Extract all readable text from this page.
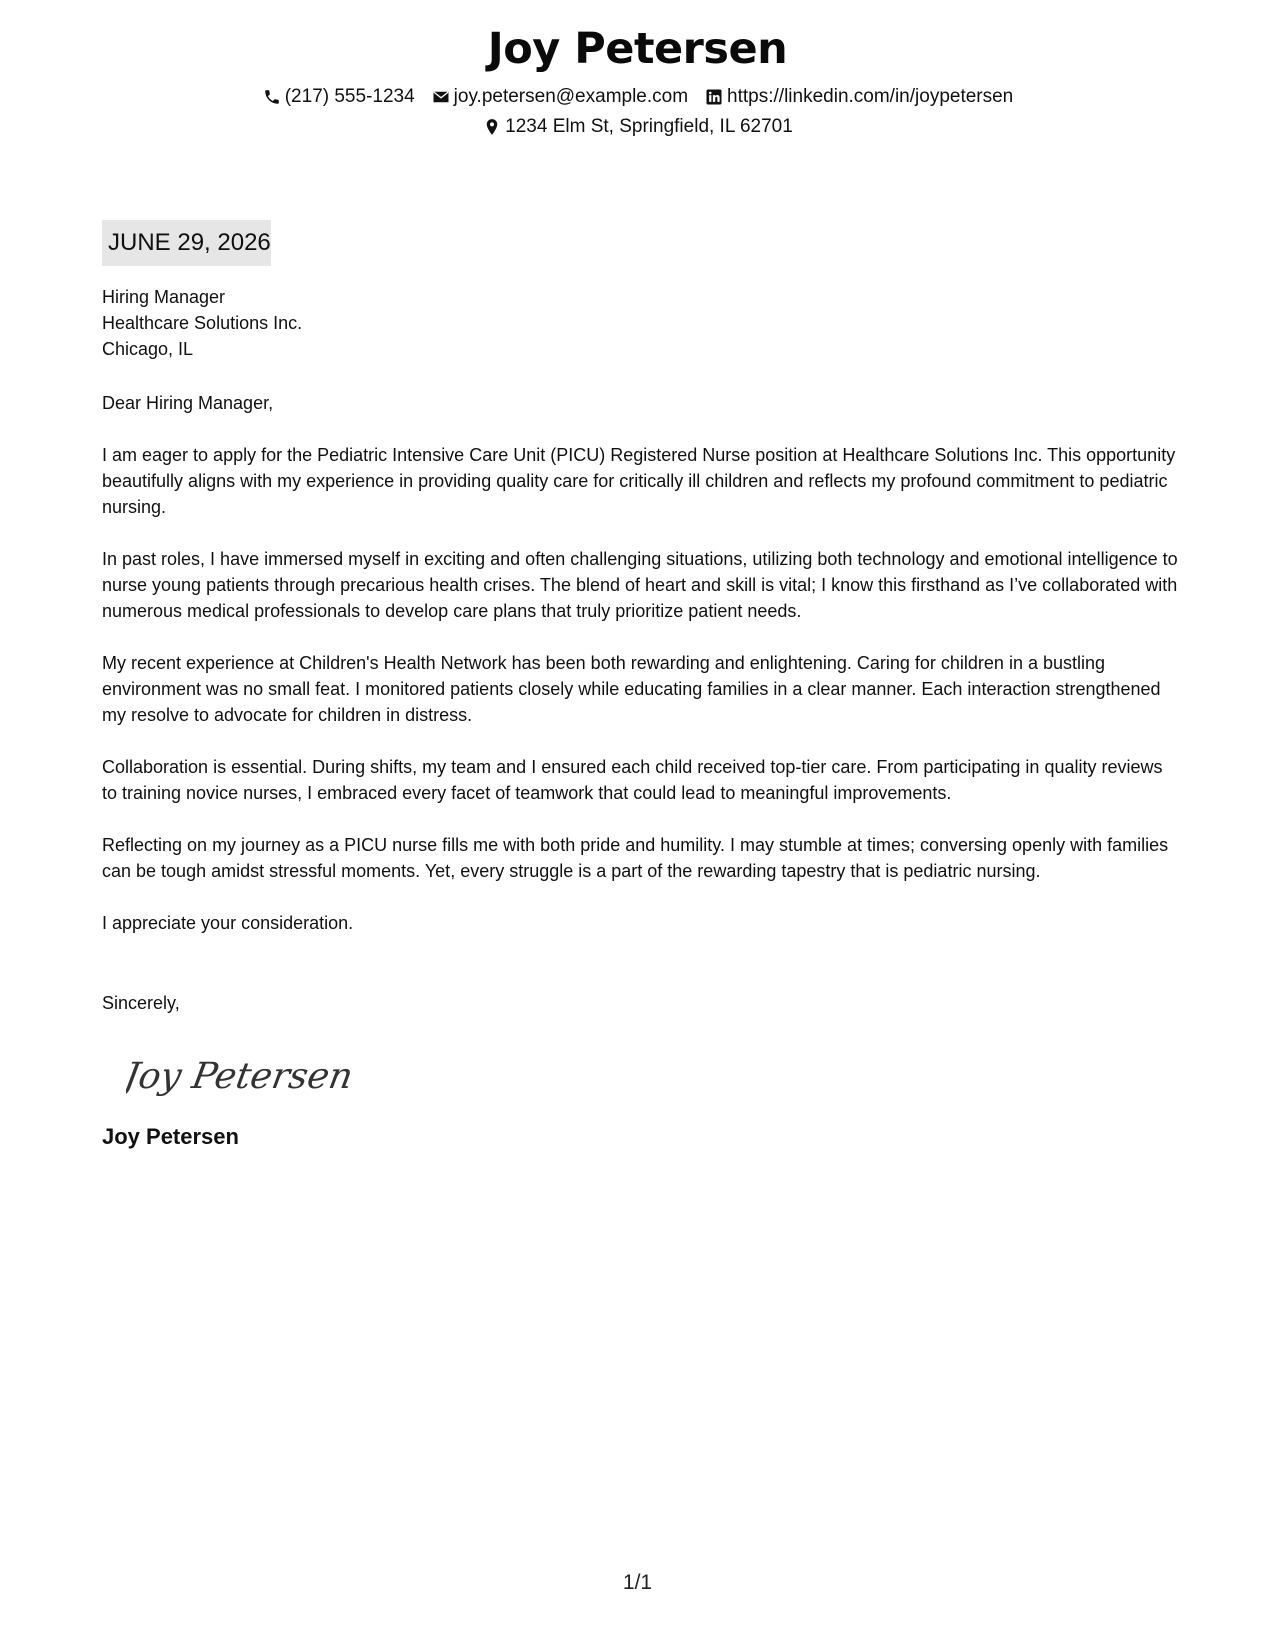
Joy Petersen
(217) 555-1234 joy.petersen@example.com https://linkedin.com/in/joypetersen
1234 Elm St, Springfield, IL 62701
JUNE 29, 2026
Hiring Manager
Healthcare Solutions Inc.
Chicago, IL
Dear Hiring Manager,
I am eager to apply for the Pediatric Intensive Care Unit (PICU) Registered Nurse position at Healthcare Solutions Inc. This opportunity beautifully aligns with my experience in providing quality care for critically ill children and reflects my profound commitment to pediatric nursing.
In past roles, I have immersed myself in exciting and often challenging situations, utilizing both technology and emotional intelligence to nurse young patients through precarious health crises. The blend of heart and skill is vital; I know this firsthand as I’ve collaborated with numerous medical professionals to develop care plans that truly prioritize patient needs.
My recent experience at Children's Health Network has been both rewarding and enlightening. Caring for children in a bustling environment was no small feat. I monitored patients closely while educating families in a clear manner. Each interaction strengthened my resolve to advocate for children in distress.
Collaboration is essential. During shifts, my team and I ensured each child received top-tier care. From participating in quality reviews to training novice nurses, I embraced every facet of teamwork that could lead to meaningful improvements.
Reflecting on my journey as a PICU nurse fills me with both pride and humility. I may stumble at times; conversing openly with families can be tough amidst stressful moments. Yet, every struggle is a part of the rewarding tapestry that is pediatric nursing.
I appreciate your consideration.
Sincerely,
Joy Petersen
Joy Petersen
1/1
